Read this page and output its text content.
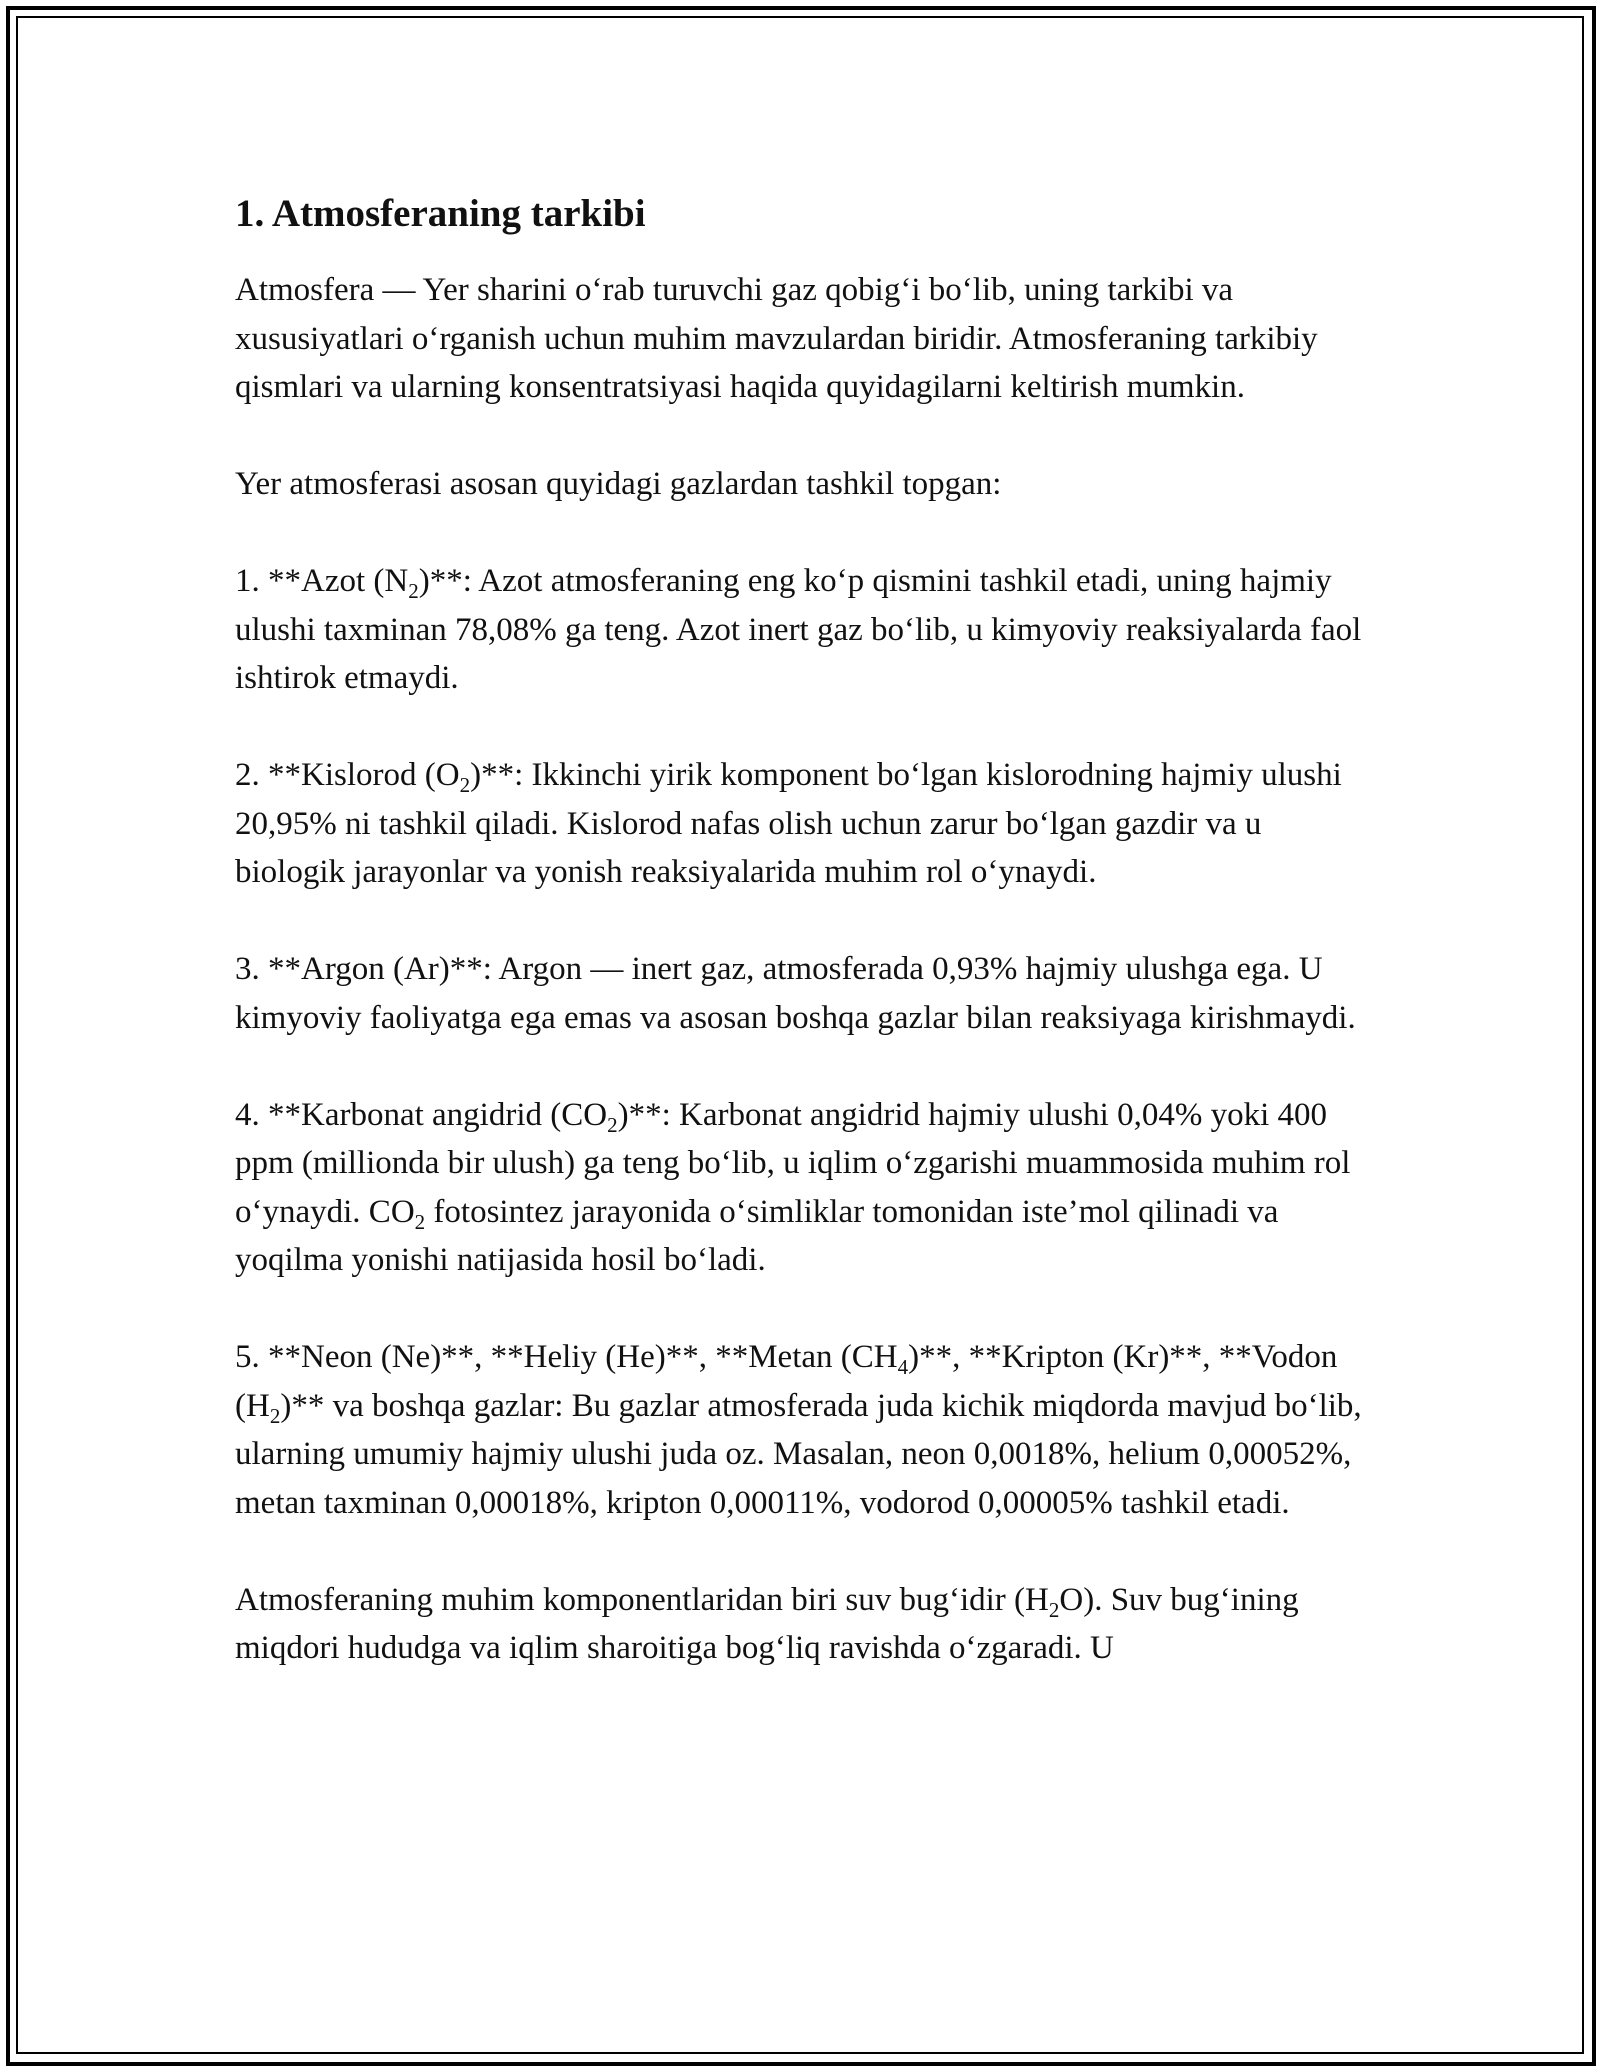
1. Atmosferaning tarkibi

Atmosfera — Yer sharini o‘rab turuvchi gaz qobig‘i bo‘lib, uning tarkibi va xususiyatlari o‘rganish uchun muhim mavzulardan biridir. Atmosferaning tarkibiy qismlari va ularning konsentratsiyasi haqida quyidagilarni keltirish mumkin.

Yer atmosferasi asosan quyidagi gazlardan tashkil topgan:

1. **Azot $(N_2)**$: Azot atmosferaning eng ko‘p qismini tashkil etadi, uning hajmiy ulushi taxminan 78,08% ga teng. Azot inert gaz bo‘lib, u kimyoviy reaksiyalarda faol ishtirok etmaydi.

2. **Kislorod $(O_2)**$: Ikkinchi yirik komponent bo‘lgan kislorodning hajmiy ulushi 20,95% ni tashkil qiladi. Kislorod nafas olish uchun zarur bo‘lgan gazdir va u biologik jarayonlar va yonish reaksiyalarida muhim rol o‘ynaydi.

3. **Argon (Ar)**: Argon — inert gaz, atmosferada 0,93% hajmiy ulushga ega. U kimyoviy faoliyatga ega emas va asosan boshqa gazlar bilan reaksiyaga kirishmaydi.

4. **Karbonat angidrid $(CO_2)**$: Karbonat angidrid hajmiy ulushi 0,04% yoki 400 ppm (millionda bir ulush) ga teng bo‘lib, u iqlim o‘zgarishi muammosida muhim rol o‘ynaydi. $CO_2$ fotosintez jarayonida o‘simliklar tomonidan iste’mol qilinadi va yoqilma yonishi natijasida hosil bo‘ladi.

5. **Neon (Ne)**, **Heliy (He)**, **Metan $(CH_4)**$, **Kripton (Kr)**, **Vodon $(H_2)**$ va boshqa gazlar: Bu gazlar atmosferada juda kichik miqdorda mavjud bo‘lib, ularning umumiy hajmiy ulushi juda oz. Masalan, neon 0,0018%, helium 0,00052%, metan taxminan 0,00018%, kripton 0,00011%, vodorod 0,00005% tashkil etadi.

Atmosferaning muhim komponentlaridan biri suv bug‘idir $(H_2O)$. Suv bug‘ining miqdori hududga va iqlim sharoitiga bog‘liq ravishda o‘zgaradi. U
